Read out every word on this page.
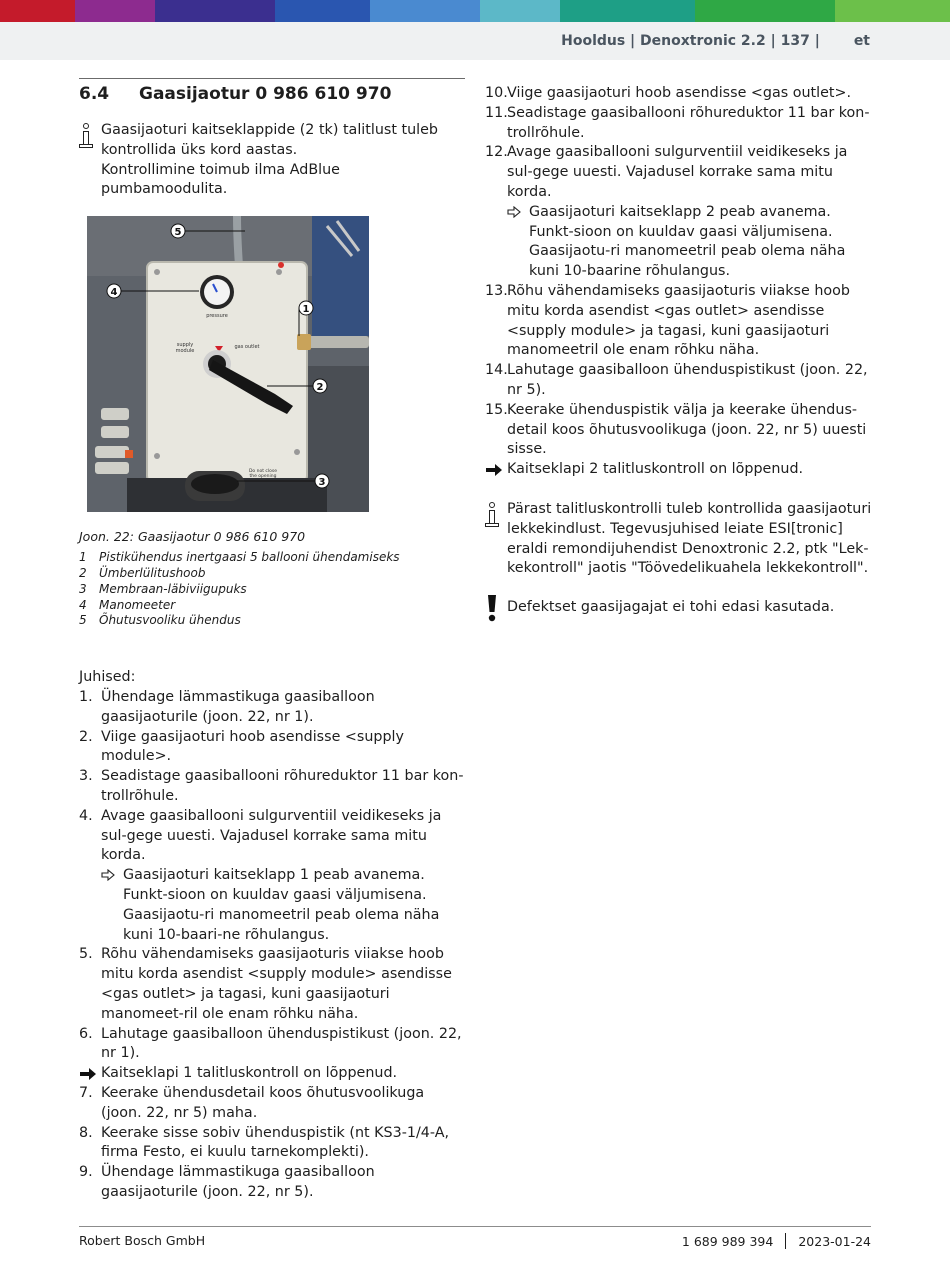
Hooldus | Denoxtronic 2.2 | 137 | et
6.4	Gaasijaotur 0 986 610 970
Gaasijaoturi kaitseklappide (2 tk) talitlust tuleb kontrollida üks kord aastas.
Kontrollimine toimub ilma AdBlue pumbamoodulita.
pressure
supply
module
gas outlet
Do not close
the opening
5
4
1
2
3
Joon. 22: Gaasijaotur 0 986 610 970
1	Pistikühendus inertgaasi 5 ballooni ühendamiseks
2	Ümberlülitushoob
3	Membraan-läbiviigupuks
4	Manomeeter
5	Õhutusvooliku ühendus
Juhised:
1. Ühendage lämmastikuga gaasiballoon gaasijaoturile (joon. 22, nr 1).
2. Viige gaasijaoturi hoob asendisse <supply module>.
3. Seadistage gaasiballooni rõhureduktor 11 bar kon-trollrõhule.
4. Avage gaasiballooni sulgurventiil veidikeseks ja sul-gege uuesti. Vajadusel korrake sama mitu korda.
Gaasijaoturi kaitseklapp 1 peab avanema. Funkt-sioon on kuuldav gaasi väljumisena. Gaasijaotu-ri manomeetril peab olema näha kuni 10-baari-ne rõhulangus.
5. Rõhu vähendamiseks gaasijaoturis viiakse hoob mitu korda asendist <supply module> asendisse <gas outlet> ja tagasi, kuni gaasijaoturi manomeet-ril ole enam rõhku näha.
6. Lahutage gaasiballoon ühenduspistikust (joon. 22, nr 1).
Kaitseklapi 1 talitluskontroll on lõppenud.
7. Keerake ühendusdetail koos õhutusvoolikuga (joon. 22, nr 5) maha.
8. Keerake sisse sobiv ühenduspistik (nt KS3-1/4-A, firma Festo, ei kuulu tarnekomplekti).
9. Ühendage lämmastikuga gaasiballoon gaasijaoturile (joon. 22, nr 5).
10. Viige gaasijaoturi hoob asendisse <gas outlet>.
11. Seadistage gaasiballooni rõhureduktor 11 bar kon-trollrõhule.
12. Avage gaasiballooni sulgurventiil veidikeseks ja sul-gege uuesti. Vajadusel korrake sama mitu korda.
Gaasijaoturi kaitseklapp 2 peab avanema. Funkt-sioon on kuuldav gaasi väljumisena. Gaasijaotu-ri manomeetril peab olema näha kuni 10-baarine rõhulangus.
13. Rõhu vähendamiseks gaasijaoturis viiakse hoob mitu korda asendist <gas outlet> asendisse <supply module> ja tagasi, kuni gaasijaoturi manomeetril ole enam rõhku näha.
14. Lahutage gaasiballoon ühenduspistikust (joon. 22, nr 5).
15. Keerake ühenduspistik välja ja keerake ühendus-detail koos õhutusvoolikuga (joon. 22, nr 5) uuesti sisse.
Kaitseklapi 2 talitluskontroll on lõppenud.
Pärast talitluskontrolli tuleb kontrollida gaasijaoturi lekkekindlust. Tegevusjuhised leiate ESI[tronic] eraldi remondijuhendist Denoxtronic 2.2, ptk "Lek-kekontroll" jaotis "Töövedelikuahela lekkekontroll".
Defektset gaasijagajat ei tohi edasi kasutada.
Robert Bosch GmbH	1 689 989 394 2023-01-24
